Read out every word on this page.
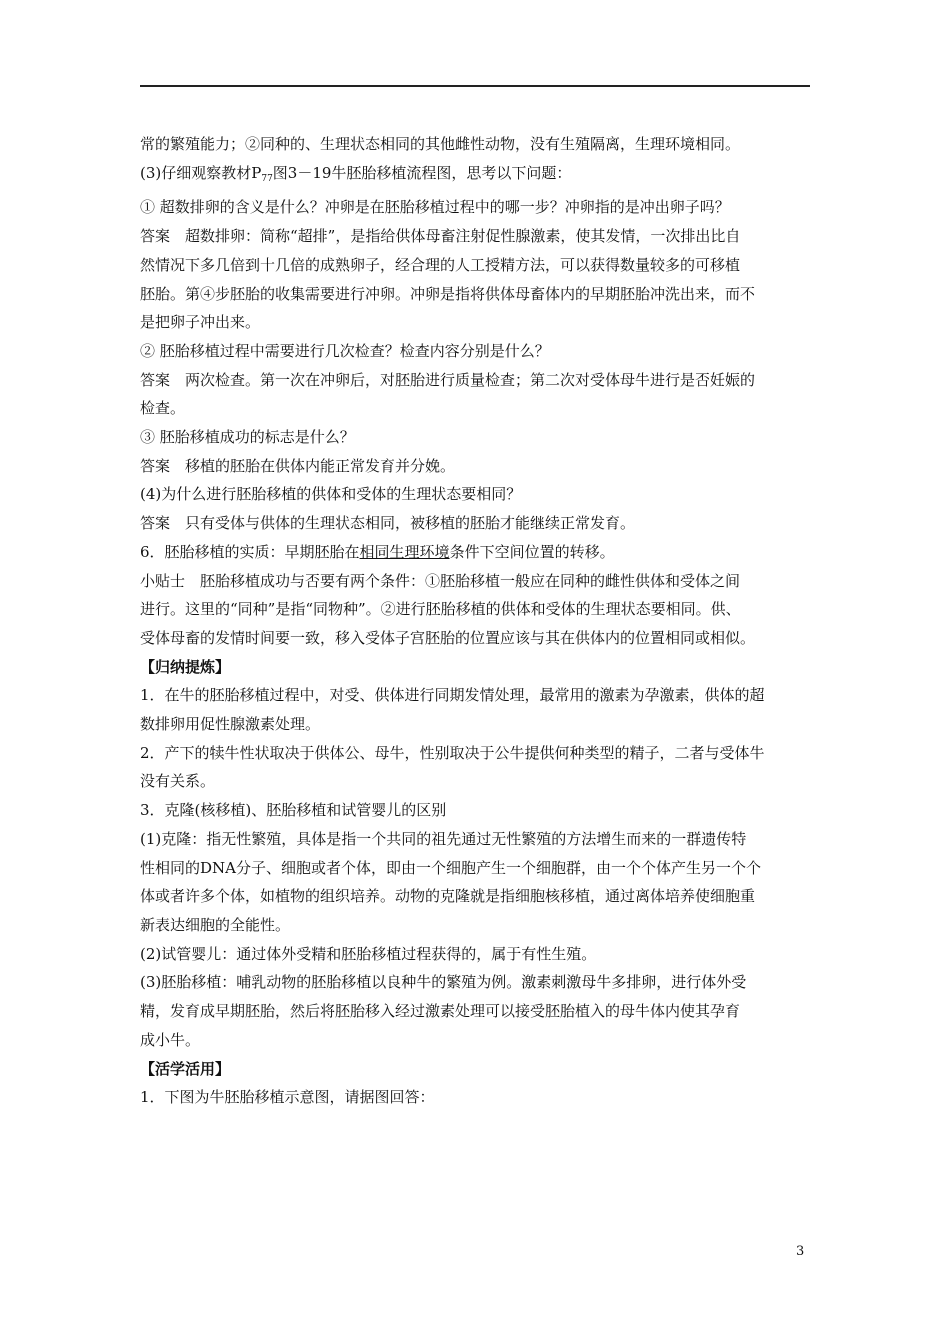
常的繁殖能力；②同种的、生理状态相同的其他雌性动物，没有生殖隔离，生理环境相同。
(3)仔细观察教材$P_{77}$图3－19牛胚胎移植流程图，思考以下问题：
① 超数排卵的含义是什么？冲卵是在胚胎移植过程中的哪一步？冲卵指的是冲出卵子吗？
答案　超数排卵：简称“超排”，是指给供体母畜注射促性腺激素，使其发情，一次排出比自
然情况下多几倍到十几倍的成熟卵子，经合理的人工授精方法，可以获得数量较多的可移植
胚胎。第④步胚胎的收集需要进行冲卵。冲卵是指将供体母畜体内的早期胚胎冲洗出来，而不
是把卵子冲出来。
② 胚胎移植过程中需要进行几次检查？检查内容分别是什么？
答案　两次检查。第一次在冲卵后，对胚胎进行质量检查；第二次对受体母牛进行是否妊娠的
检查。
③ 胚胎移植成功的标志是什么？
答案　移植的胚胎在供体内能正常发育并分娩。
(4)为什么进行胚胎移植的供体和受体的生理状态要相同？
答案　只有受体与供体的生理状态相同，被移植的胚胎才能继续正常发育。
6．胚胎移植的实质：早期胚胎在相同生理环境条件下空间位置的转移。
小贴士　胚胎移植成功与否要有两个条件：①胚胎移植一般应在同种的雌性供体和受体之间
进行。这里的“同种”是指“同物种”。②进行胚胎移植的供体和受体的生理状态要相同。供、
受体母畜的发情时间要一致，移入受体子宫胚胎的位置应该与其在供体内的位置相同或相似。
【归纳提炼】
1．在牛的胚胎移植过程中，对受、供体进行同期发情处理，最常用的激素为孕激素，供体的超
数排卵用促性腺激素处理。
2．产下的犊牛性状取决于供体公、母牛，性别取决于公牛提供何种类型的精子，二者与受体牛
没有关系。
3．克隆(核移植)、胚胎移植和试管婴儿的区别
(1)克隆：指无性繁殖，具体是指一个共同的祖先通过无性繁殖的方法增生而来的一群遗传特
性相同的DNA分子、细胞或者个体，即由一个细胞产生一个细胞群，由一个个体产生另一个个
体或者许多个体，如植物的组织培养。动物的克隆就是指细胞核移植，通过离体培养使细胞重
新表达细胞的全能性。
(2)试管婴儿：通过体外受精和胚胎移植过程获得的，属于有性生殖。
(3)胚胎移植：哺乳动物的胚胎移植以良种牛的繁殖为例。激素刺激母牛多排卵，进行体外受
精，发育成早期胚胎，然后将胚胎移入经过激素处理可以接受胚胎植入的母牛体内使其孕育
成小牛。
【活学活用】
1．下图为牛胚胎移植示意图，请据图回答：
3
